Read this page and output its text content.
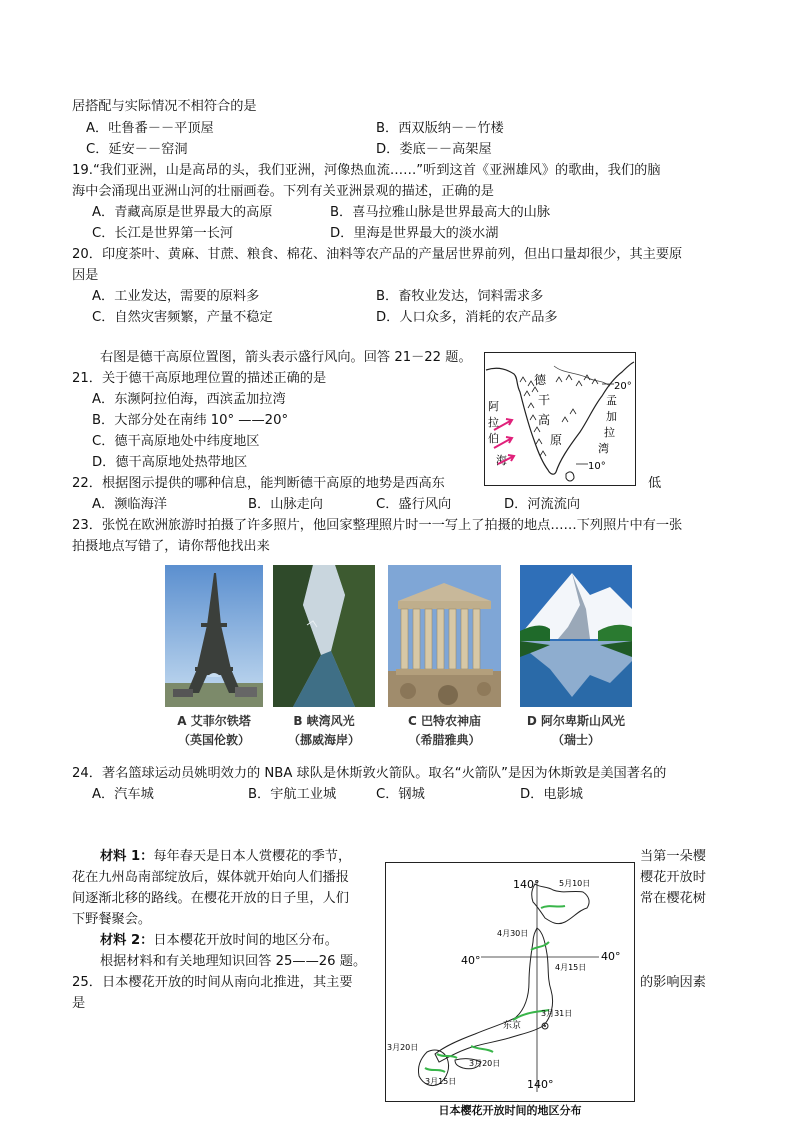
居搭配与实际情况不相符合的是
A．吐鲁番－－平顶屋	B．西双版纳－－竹楼
C．延安－－窑洞	D．娄底－－高架屋
19.“我们亚洲，山是高昂的头，我们亚洲，河像热血流……”听到这首《亚洲雄风》的歌曲，我们的脑
海中会涌现出亚洲山河的壮丽画卷。下列有关亚洲景观的描述，正确的是
A．青藏高原是世界最大的高原	B．喜马拉雅山脉是世界最高大的山脉
C．长江是世界第一长河	D．里海是世界最大的淡水湖
20．印度茶叶、黄麻、甘蔗、粮食、棉花、油料等农产品的产量居世界前列，但出口量却很少，其主要原
因是
A．工业发达，需要的原料多	B．畜牧业发达，饲料需求多
C．自然灾害频繁，产量不稳定	D．人口众多，消耗的农产品多
右图是德干高原位置图，箭头表示盛行风向。回答 21－22 题。
21．关于德干高原地理位置的描述正确的是
A．东濒阿拉伯海，西滨孟加拉湾
B．大部分处在南纬 10° ——20°
C．德干高原地处中纬度地区
D．德干高原地处热带地区
22．根据图示提供的哪种信息，能判断德干高原的地势是西高东	低
A．濒临海洋	B．山脉走向	C．盛行风向	D．河流流向
德
干
高
原
阿
拉
伯
海
孟
加
拉
湾
20°
10°
23．张悦在欧洲旅游时拍摄了许多照片，他回家整理照片时一一写上了拍摄的地点……下列照片中有一张
拍摄地点写错了，请你帮他找出来
A 艾菲尔铁塔
（英国伦敦）
B 峡湾风光
（挪威海岸）
C 巴特农神庙
（希腊雅典）
D 阿尔卑斯山风光
（瑞士）
24．著名篮球运动员姚明效力的 NBA 球队是休斯敦火箭队。取名“火箭队”是因为休斯敦是美国著名的
A．汽车城	B．宇航工业城	C．钢城	D．电影城
材料 1：每年春天是日本人赏樱花的季节，	当第一朵樱
花在九州岛南部绽放后，媒体就开始向人们播报	樱花开放时
间逐渐北移的路线。在樱花开放的日子里，人们	常在樱花树
下野餐聚会。
材料 2：日本樱花开放时间的地区分布。
根据材料和有关地理知识回答 25——26 题。
25．日本樱花开放的时间从南向北推进，其主要	的影响因素
是
140°
140°
40°	40°
5月10日
4月30日
4月15日
3月31日
3月20日
3月20日
3月15日
东京
日本樱花开放时间的地区分布
